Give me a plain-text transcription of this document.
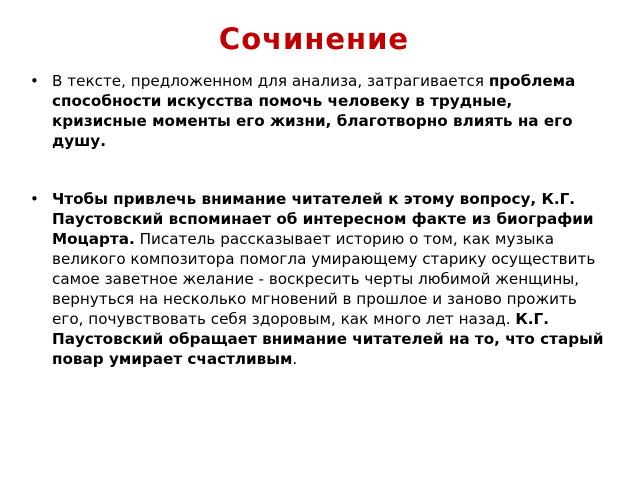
Сочинение
• В тексте, предложенном для анализа, затрагивается проблема способности искусства помочь человеку в трудные, кризисные моменты его жизни, благотворно влиять на его душу.
• Чтобы привлечь внимание читателей к этому вопросу, К.Г. Паустовский вспоминает об интересном факте из биографии Моцарта. Писатель рассказывает историю о том, как музыка великого композитора помогла умирающему старику осуществить самое заветное желание - воскресить черты любимой женщины, вернуться на несколько мгновений в прошлое и заново прожить его, почувствовать себя здоровым, как много лет назад. К.Г. Паустовский обращает внимание читателей на то, что старый повар умирает счастливым.
